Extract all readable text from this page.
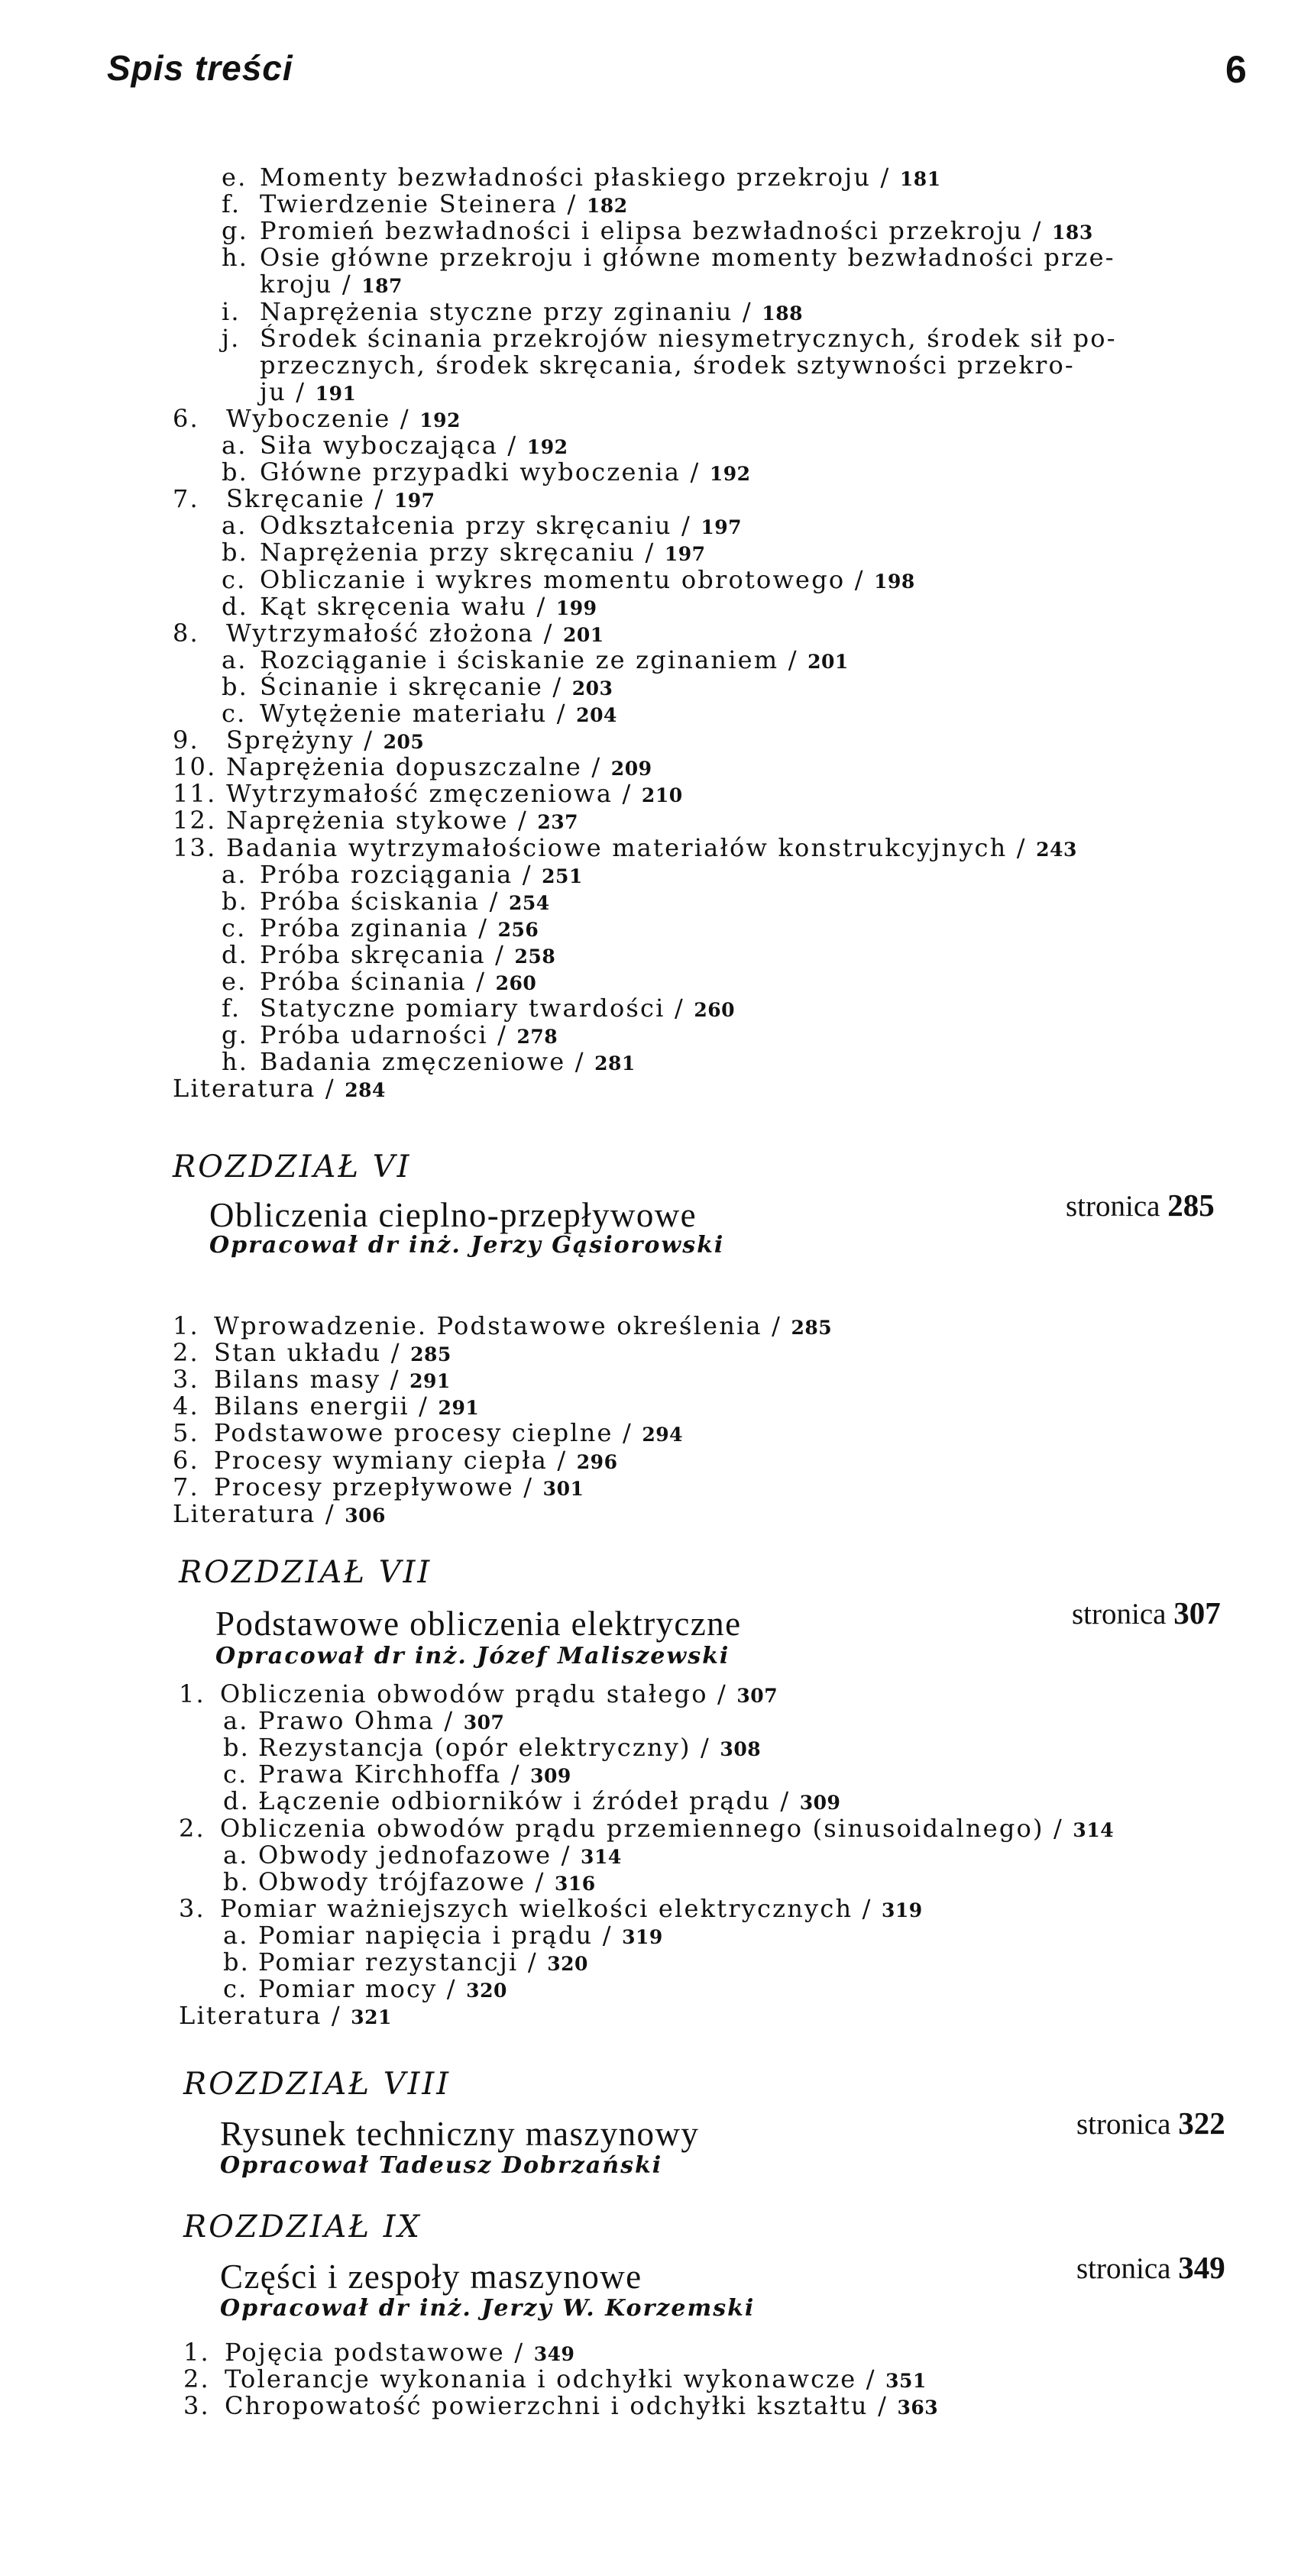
Spis treści	6
e. Momenty bezwładności płaskiego przekroju / 181
f. Twierdzenie Steinera / 182
g. Promień bezwładności i elipsa bezwładności przekroju / 183
h. Osie główne przekroju i główne momenty bezwładności prze-
kroju / 187
i. Naprężenia styczne przy zginaniu / 188
j. Środek ścinania przekrojów niesymetrycznych, środek sił po-
przecznych, środek skręcania, środek sztywności przekro-
ju / 191
6. Wyboczenie / 192
a. Siła wyboczająca / 192
b. Główne przypadki wyboczenia / 192
7. Skręcanie / 197
a. Odkształcenia przy skręcaniu / 197
b. Naprężenia przy skręcaniu / 197
c. Obliczanie i wykres momentu obrotowego / 198
d. Kąt skręcenia wału / 199
8. Wytrzymałość złożona / 201
a. Rozciąganie i ściskanie ze zginaniem / 201
b. Ścinanie i skręcanie / 203
c. Wytężenie materiału / 204
9. Sprężyny / 205
10. Naprężenia dopuszczalne / 209
11. Wytrzymałość zmęczeniowa / 210
12. Naprężenia stykowe / 237
13. Badania wytrzymałościowe materiałów konstrukcyjnych / 243
a. Próba rozciągania / 251
b. Próba ściskania / 254
c. Próba zginania / 256
d. Próba skręcania / 258
e. Próba ścinania / 260
f. Statyczne pomiary twardości / 260
g. Próba udarności / 278
h. Badania zmęczeniowe / 281
Literatura / 284
ROZDZIAŁ VI
Obliczenia cieplno-przepływowe
Opracował dr inż. Jerzy Gąsiorowski
stronica 285
1. Wprowadzenie. Podstawowe określenia / 285
2. Stan układu / 285
3. Bilans masy / 291
4. Bilans energii / 291
5. Podstawowe procesy cieplne / 294
6. Procesy wymiany ciepła / 296
7. Procesy przepływowe / 301
Literatura / 306
ROZDZIAŁ VII
Podstawowe obliczenia elektryczne
Opracował dr inż. Józef Maliszewski
stronica 307
1. Obliczenia obwodów prądu stałego / 307
a. Prawo Ohma / 307
b. Rezystancja (opór elektryczny) / 308
c. Prawa Kirchhoffa / 309
d. Łączenie odbiorników i źródeł prądu / 309
2. Obliczenia obwodów prądu przemiennego (sinusoidalnego) / 314
a. Obwody jednofazowe / 314
b. Obwody trójfazowe / 316
3. Pomiar ważniejszych wielkości elektrycznych / 319
a. Pomiar napięcia i prądu / 319
b. Pomiar rezystancji / 320
c. Pomiar mocy / 320
Literatura / 321
ROZDZIAŁ VIII
Rysunek techniczny maszynowy
Opracował Tadeusz Dobrzański
stronica 322
ROZDZIAŁ IX
Części i zespoły maszynowe
Opracował dr inż. Jerzy W. Korzemski
stronica 349
1. Pojęcia podstawowe / 349
2. Tolerancje wykonania i odchyłki wykonawcze / 351
3. Chropowatość powierzchni i odchyłki kształtu / 363
